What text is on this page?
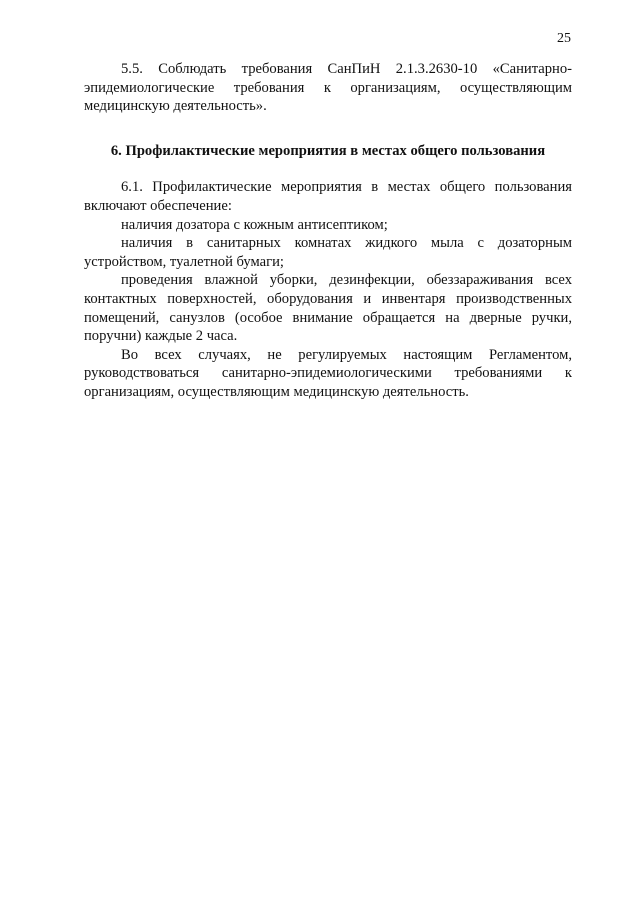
25

5.5. Соблюдать требования СанПиН 2.1.3.2630-10 «Санитарно-эпидемиологические требования к организациям, осуществляющим медицинскую деятельность».

6. Профилактические мероприятия в местах общего пользования

6.1. Профилактические мероприятия в местах общего пользования включают обеспечение:

наличия дозатора с кожным антисептиком;

наличия в санитарных комнатах жидкого мыла с дозаторным устройством, туалетной бумаги;

проведения влажной уборки, дезинфекции, обеззараживания всех контактных поверхностей, оборудования и инвентаря производственных помещений, санузлов (особое внимание обращается на дверные ручки, поручни) каждые 2 часа.

Во всех случаях, не регулируемых настоящим Регламентом, руководствоваться санитарно-эпидемиологическими требованиями к организациям, осуществляющим медицинскую деятельность.
